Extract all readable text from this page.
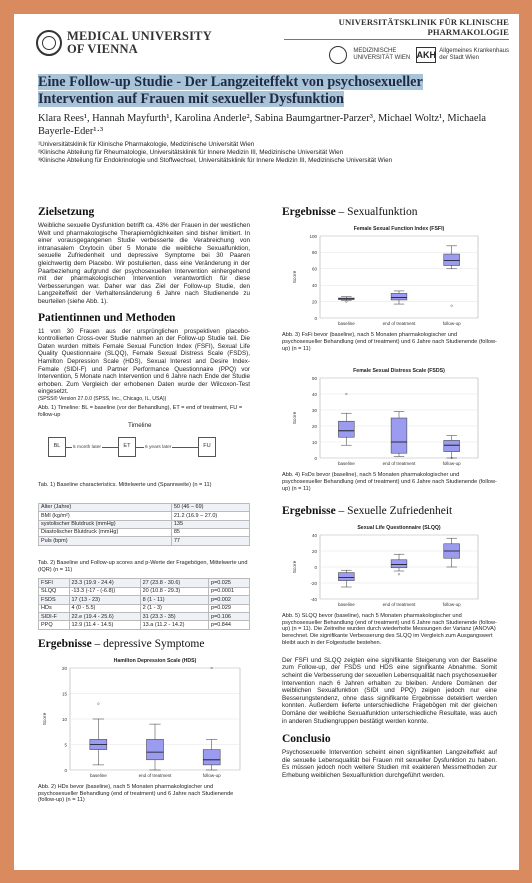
MEDICAL UNIVERSITY
OF VIENNA
UNIVERSITÄTSKLINIK FÜR KLINISCHE PHARMAKOLOGIE
MEDIZINISCHE
UNIVERSITÄT WIEN AKH Allgemeines Krankenhaus
der Stadt Wien
Eine Follow-up Studie - Der Langzeiteffekt von psychosexueller Intervention auf Frauen mit sexueller Dysfunktion
Klara Rees¹, Hannah Mayfurth¹, Karolina Anderle², Sabina Baumgartner-Parzer³, Michael Woltz¹, Michaela Bayerle-Eder¹·³
¹Universitätsklinik für Klinische Pharmakologie, Medizinische Universität Wien
²Klinische Abteilung für Rheumatologie, Universitätsklinik für Innere Medizin III, Medizinische Universität Wien
³Klinische Abteilung für Endokrinologie und Stoffwechsel, Universitätsklinik für Innere Medizin III, Medizinische Universität Wien
Zielsetzung

Weibliche sexuelle Dysfunktion betrifft ca. 43% der Frauen in der westlichen Welt und pharmakologische Therapiemöglichkeiten sind bisher limitiert. In einer vorausgegangenen Studie verbesserte die Verabreichung von intranasalem Oxytocin über 5 Monate die weibliche Sexualfunktion, sexuelle Zufriedenheit und depressive Symptome bei 30 Paaren gleichwertig dem Placebo. Wir postulierten, dass eine Veränderung in der Paarbeziehung aufgrund der psychosexuellen Intervention einhergehend mit der pharmakologischen Intervention verantwortlich für diese Verbesserungen war. Daher war das Ziel der Follow-up Studie, den Langzeiteffekt der Verhaltensänderung 6 Jahre nach Studienende zu beurteilen (siehe Abb. 1).

Patientinnen und Methoden

11 von 30 Frauen aus der ursprünglichen prospektiven placebo-kontrollierten Cross-over Studie nahmen an der Follow-up Studie teil. Die Daten wurden mittels Female Sexual Function Index (FSFI), Sexual Life Quality Questionnaire (SLQQ), Female Sexual Distress Scale (FSDS), Hamilton Depression Scale (HDS), Sexual Interest and Desire Index-Female (SIDI-F) und Partner Performance Questionnaire (PPQ) vor Intervention, 5 Monate nach Intervention und 6 Jahre nach Ende der Studie erhoben. Zum Vergleich der erhobenen Daten wurde der Wilcoxon-Test eingesetzt.

(SPSS® Version 27.0.0 (SPSS, Inc., Chicago, IL, USA))

Abb. 1) Timeline: BL = baseline (vor der Behandlung), ET = end of treatment, FU = follow-up

Timeline
BL	5 month later	ET	6 years later	FU

Tab. 1) Baseline characteristics. Mittelwerte und (Spannweite) (n = 11)

Alter (Jahre)	50 (46 – 69)
BMI (kg/m²)	21.2 (16.9 – 27.0)
systolischer Blutdruck (mmHg)	135
Diastolischer Blutdruck (mmHg)	85
Puls (bpm)	77

Tab. 2) Baseline und Follow-up scores and p-Werte der Fragebögen, Mittelwerte und (IQR) (n = 11)

FSFI	23.3 (19.9 - 24.4)	27 (23.8 - 30.6)	p=0.025
SLQQ	-13.3 (-17 - (-6.8))	20 (10.8 - 29.3)	p=0.0001
FSDS	17 (13 - 23)	8 (1 - 11)	p=0.002
HDs	4 (0 - 5.5)	2 (1 - 3)	p=0.029
SIDI-F	22.e (19.4 - 25.6)	31 (23.3 - 35)	p=0.106
PPQ	12.9 (11.4 - 14.5)	13.a (11.2 - 14.2)	p=0.844
Ergebnisse – depressive Symptome
Hamilton Depression Scale (HDS)
0
5
10
15
20
Score
baseline	end of treatment	follow-up

Abb. 2) HDs bevor (baseline), nach 5 Monaten pharmakologischer und psychosexueller Behandlung (end of treatment) und 6 Jahre nach Studienende (follow-up) (n = 11)

Ergebnisse – Sexualfunktion
Female Sexual Function Index (FSFI)
0
20
40
60
80
100
Score
baseline	end of treatment	follow-up

Abb. 3) FsFi bevor (baseline), nach 5 Monaten pharmakologischer und psychosexueller Behandlung (end of treatment) und 6 Jahre nach Studienende (follow-up) (n = 11)

Female Sexual Distress Scale (FSDS)
0
10
20
30
40
50
Score
baseline	end of treatment	follow-up

Abb. 4) FsDs bevor (baseline), nach 5 Monaten pharmakologischer und psychosexueller Behandlung (end of treatment) und 6 Jahre nach Studienende (follow-up) (n = 11)

Ergebnisse – Sexuelle Zufriedenheit
Sexual Life Questionnaire (SLQQ)
-40
-20
0
20
40
Score
baseline	end of treatment	follow-up

Abb. 5) SLQQ bevor (baseline), nach 5 Monaten pharmakologischer und psychosexueller Behandlung (end of treatment) und 6 Jahre nach Studienende (follow-up) (n = 11). Die Zeitreihe wurden durch wiederholte Messungen der Varianz (ANOVA) berechnet. Die signifikante Verbesserung des SLQQ im Vergleich zum Ausgangswert bleibt auch in der Folgestudie bestehen.

Der FSFI und SLQQ zeigten eine signifikante Steigerung von der Baseline zum Follow-up, der FSDS und HDS eine signifikante Abnahme. Somit scheint die Verbesserung der sexuellen Lebensqualität nach psychosexueller Intervention nach 6 Jahren erhalten zu bleiben. Andere Domänen der weiblichen Sexualfunktion (SIDI und PPQ) zeigen jedoch nur eine Besserungstendenz, ohne dass signifikante Ergebnisse detektiert werden konnten. Außerdem lieferte unterschiedliche Fragebögen mit der gleichen Domäne der weibliche Sexualfunktion unterschiedliche Resultate, was auch in anderen Studiengruppen bestätigt werden konnte.

Conclusio

Psychosexuelle Intervention scheint einen signifikanten Langzeiteffekt auf die sexuelle Lebensqualität bei Frauen mit sexueller Dysfunktion zu haben. Es müssen jedoch noch weitere Studien mit exakteren Messmethoden zur Erhebung weiblichen Sexualfunktion durchgeführt werden.
